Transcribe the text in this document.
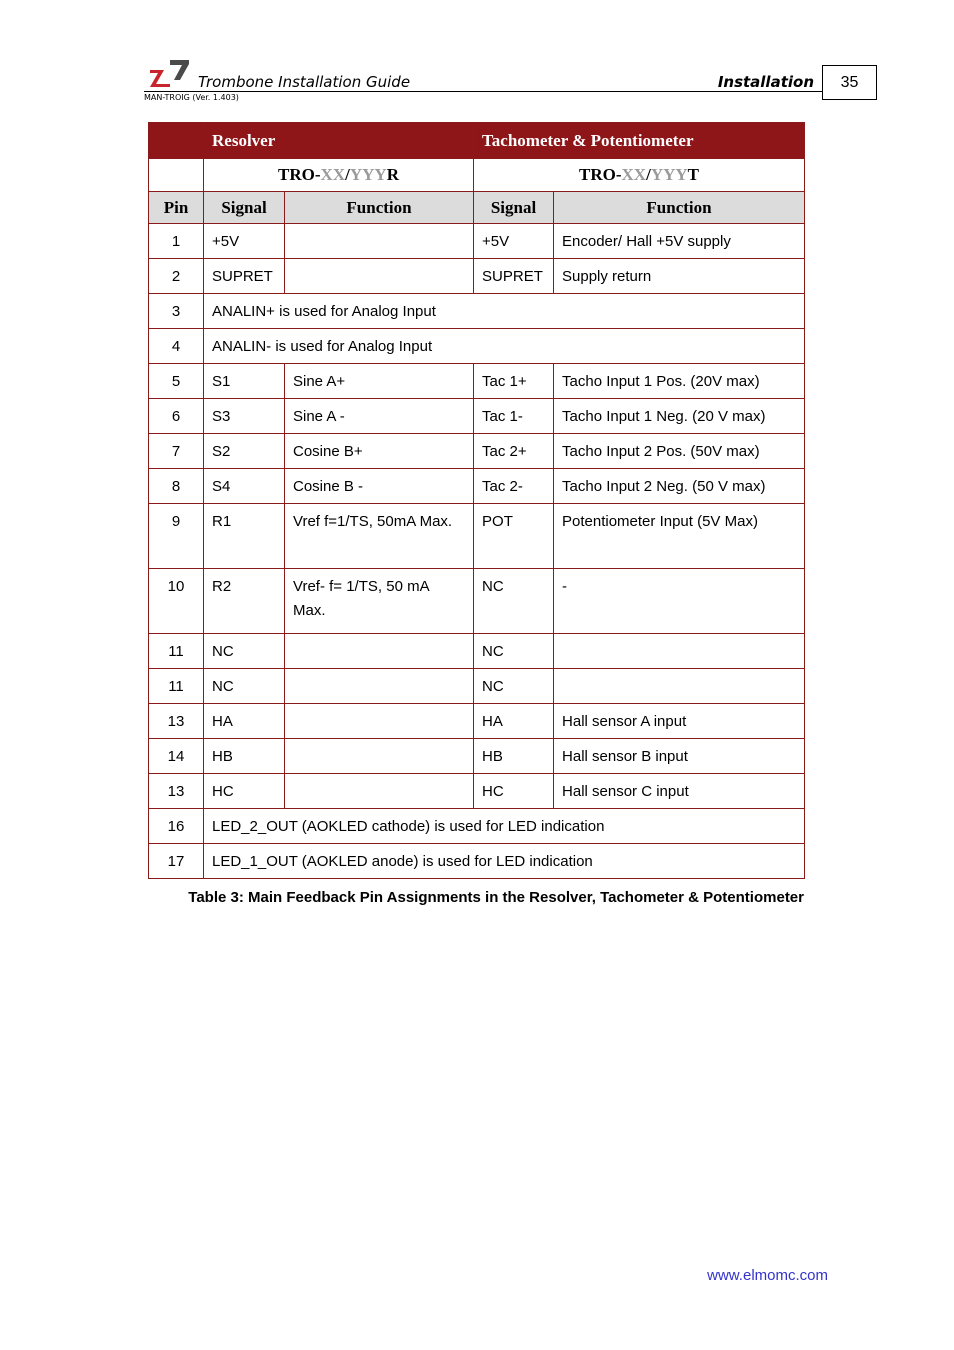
Trombone Installation Guide
MAN-TROIG (Ver. 1.403)
Installation	35
	Resolver		Tachometer & Potentiometer	
	TRO-XX/YYYR		TRO-XX/YYYT	
Pin	Signal	Function	Signal	Function
1	+5V		+5V	Encoder/ Hall +5V supply
2	SUPRET		SUPRET	Supply return
3	ANALIN+ is used for Analog Input			
4	ANALIN- is used for Analog Input			
5	S1	Sine A+	Tac 1+	Tacho Input 1 Pos. (20V max)
6	S3	Sine A -	Tac 1-	Tacho Input 1 Neg. (20 V max)
7	S2	Cosine B+	Tac 2+	Tacho Input 2 Pos. (50V max)
8	S4	Cosine B -	Tac 2-	Tacho Input 2 Neg. (50 V max)
9	R1	Vref f=1/TS, 50mA Max.	POT	Potentiometer Input (5V Max)
10	R2	Vref- f= 1/TS, 50 mA Max.	NC	-
11	NC		NC	
11	NC		NC	
13	HA		HA	Hall sensor A input
14	HB		HB	Hall sensor B input
13	HC		HC	Hall sensor C input
16	LED_2_OUT (AOKLED cathode) is used for LED indication			
17	LED_1_OUT (AOKLED anode) is used for LED indication			
Table 3: Main Feedback Pin Assignments in the Resolver, Tachometer & Potentiometer
www.elmomc.com
